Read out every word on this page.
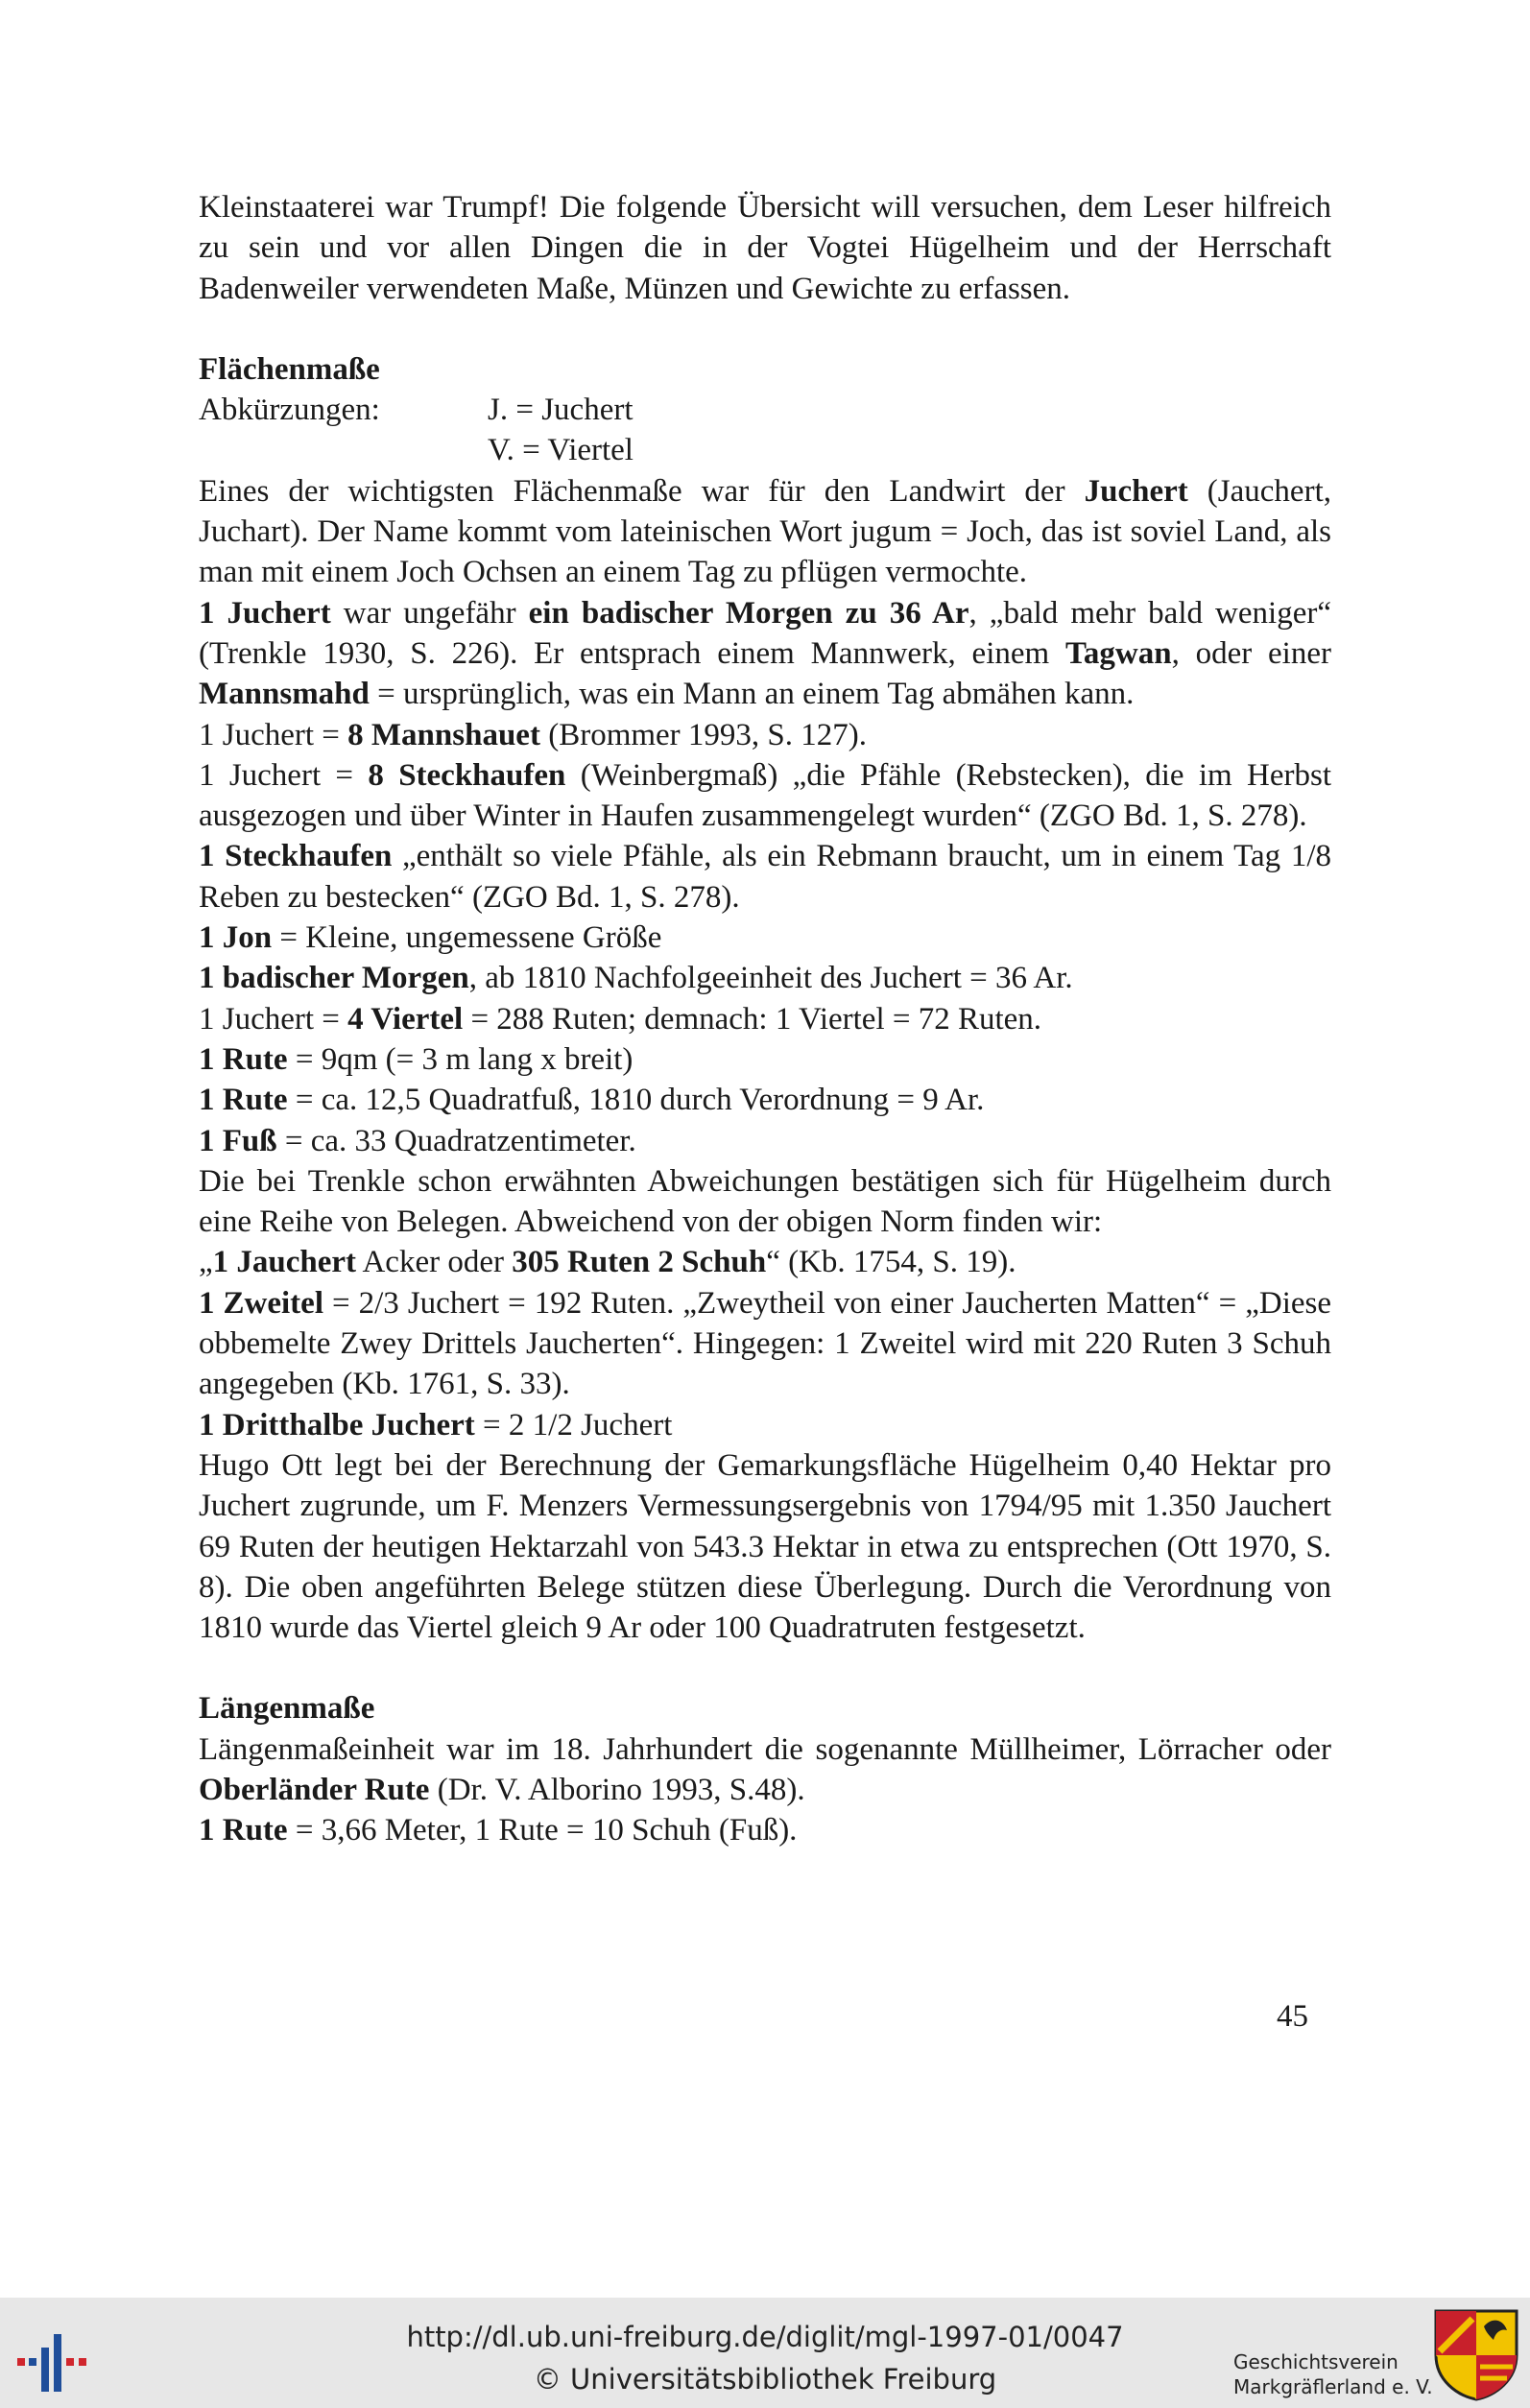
Kleinstaaterei war Trumpf! Die folgende Übersicht will versuchen, dem Leser hilfreich zu sein und vor allen Dingen die in der Vogtei Hügelheim und der Herrschaft Badenweiler verwendeten Maße, Münzen und Gewichte zu erfassen.

Flächenmaße
Abkürzungen:	J. = Juchert
V. = Viertel

Eines der wichtigsten Flächenmaße war für den Landwirt der Juchert (Jauchert, Juchart). Der Name kommt vom lateinischen Wort jugum = Joch, das ist soviel Land, als man mit einem Joch Ochsen an einem Tag zu pflügen vermochte.

1 Juchert war ungefähr ein badischer Morgen zu 36 Ar, „bald mehr bald weniger“ (Trenkle 1930, S. 226). Er entsprach einem Mannwerk, einem Tagwan, oder einer Mannsmahd = ursprünglich, was ein Mann an einem Tag abmähen kann.

1 Juchert = 8 Mannshauet (Brommer 1993, S. 127).

1 Juchert = 8 Steckhaufen (Weinbergmaß) „die Pfähle (Rebstecken), die im Herbst ausgezogen und über Winter in Haufen zusammengelegt wurden“ (ZGO Bd. 1, S. 278).

1 Steckhaufen „enthält so viele Pfähle, als ein Rebmann braucht, um in einem Tag 1/8 Reben zu bestecken“ (ZGO Bd. 1, S. 278).

1 Jon = Kleine, ungemessene Größe

1 badischer Morgen, ab 1810 Nachfolgeeinheit des Juchert = 36 Ar.

1 Juchert = 4 Viertel = 288 Ruten; demnach: 1 Viertel = 72 Ruten.

1 Rute = 9qm (= 3 m lang x breit)

1 Rute = ca. 12,5 Quadratfuß, 1810 durch Verordnung = 9 Ar.

1 Fuß = ca. 33 Quadratzentimeter.

Die bei Trenkle schon erwähnten Abweichungen bestätigen sich für Hügelheim durch eine Reihe von Belegen. Abweichend von der obigen Norm finden wir:

„1 Jauchert Acker oder 305 Ruten 2 Schuh“ (Kb. 1754, S. 19).

1 Zweitel = 2/3 Juchert = 192 Ruten. „Zweytheil von einer Jaucherten Matten“ = „Diese obbemelte Zwey Drittels Jaucherten“. Hingegen: 1 Zweitel wird mit 220 Ruten 3 Schuh angegeben (Kb. 1761, S. 33).

1 Dritthalbe Juchert = 2 1/2 Juchert

Hugo Ott legt bei der Berechnung der Gemarkungsfläche Hügelheim 0,40 Hektar pro Juchert zugrunde, um F. Menzers Vermessungsergebnis von 1794/95 mit 1.350 Jauchert 69 Ruten der heutigen Hektarzahl von 543.3 Hektar in etwa zu entsprechen (Ott 1970, S. 8). Die oben angeführten Belege stützen diese Überlegung. Durch die Verordnung von 1810 wurde das Viertel gleich 9 Ar oder 100 Quadratruten festgesetzt.

Längenmaße

Längenmaßeinheit war im 18. Jahrhundert die sogenannte Müllheimer, Lörracher oder Oberländer Rute (Dr. V. Alborino 1993, S.48).

1 Rute = 3,66 Meter, 1 Rute = 10 Schuh (Fuß).

45
http://dl.ub.uni-freiburg.de/diglit/mgl-1997-01/0047
© Universitätsbibliothek Freiburg
Geschichtsverein
Markgräflerland e. V.
